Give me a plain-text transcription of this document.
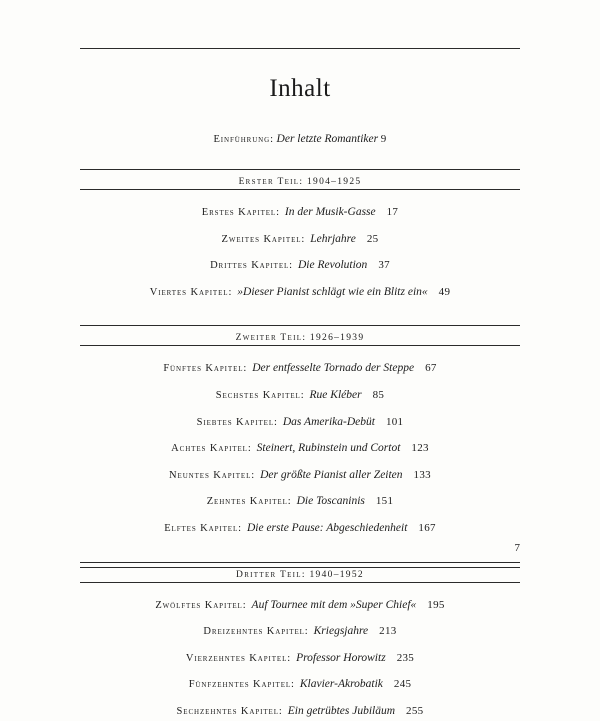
Inhalt
Einführung: Der letzte Romantiker 9
Erster Teil: 1904–1925

Erstes Kapitel: In der Musik-Gasse 17

Zweites Kapitel: Lehrjahre 25

Drittes Kapitel: Die Revolution 37

Viertes Kapitel: »Dieser Pianist schlägt wie ein Blitz ein« 49

Zweiter Teil: 1926–1939

Fünftes Kapitel: Der entfesselte Tornado der Steppe 67

Sechstes Kapitel: Rue Kléber 85

Siebtes Kapitel: Das Amerika-Debüt 101

Achtes Kapitel: Steinert, Rubinstein und Cortot 123

Neuntes Kapitel: Der größte Pianist aller Zeiten 133

Zehntes Kapitel: Die Toscaninis 151

Elftes Kapitel: Die erste Pause: Abgeschiedenheit 167

Dritter Teil: 1940–1952

Zwölftes Kapitel: Auf Tournee mit dem »Super Chief« 195

Dreizehntes Kapitel: Kriegsjahre 213

Vierzehntes Kapitel: Professor Horowitz 235

Fünfzehntes Kapitel: Klavier-Akrobatik 245

Sechzehntes Kapitel: Ein getrübtes Jubiläum 255

7
